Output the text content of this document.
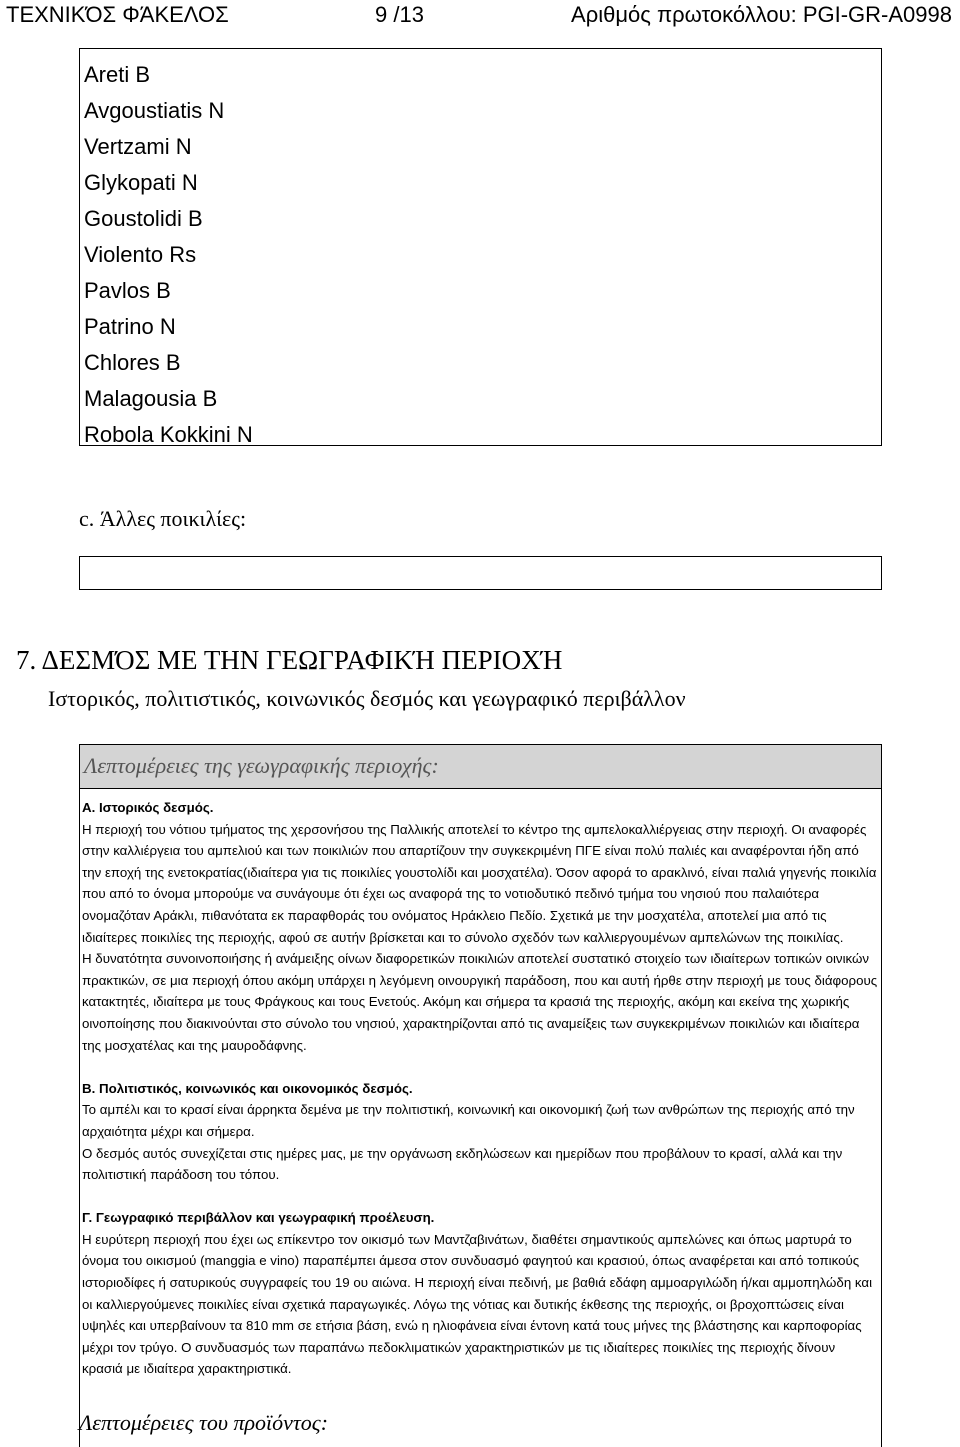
ΤΕΧΝΙΚΌΣ ΦΆΚΕΛΟΣ	9 /13	Αριθμός πρωτοκόλλου: PGI-GR-A0998
Areti B
Avgoustiatis N
Vertzami N
Glykopati N
Goustolidi B
Violento Rs
Pavlos B
Patrino N
Chlores B
Malagousia B
Robola Kokkini N
c. Άλλες ποικιλίες:
7. ΔΕΣΜΌΣ ΜΕ ΤΗΝ ΓΕΩΓΡΑΦΙΚΉ ΠΕΡΙΟΧΉ
Ιστορικός, πολιτιστικός, κοινωνικός δεσμός και γεωγραφικό περιβάλλον
Λεπτομέρειες της γεωγραφικής περιοχής:

Α. Ιστορικός δεσμός.

Η περιοχή του νότιου τμήματος της χερσονήσου της Παλλικής αποτελεί το κέντρο της αμπελοκαλλιέργειας στην περιοχή. Οι αναφορές στην καλλιέργεια του αμπελιού και των ποικιλιών που απαρτίζουν την συγκεκριμένη ΠΓΕ είναι πολύ παλιές και αναφέρονται ήδη από την εποχή της ενετοκρατίας(ιδιαίτερα για τις ποικιλίες γουστολίδι και μοσχατέλα). Όσον αφορά το αρακλινό, είναι παλιά γηγενής ποικιλία που από το όνομα μπορούμε να συνάγουμε ότι έχει ως αναφορά της το νοτιοδυτικό πεδινό τμήμα του νησιού που παλαιότερα ονομαζόταν Αράκλι, πιθανότατα εκ παραφθοράς του ονόματος Ηράκλειο Πεδίο. Σχετικά με την μοσχατέλα, αποτελεί μια από τις ιδιαίτερες ποικιλίες της περιοχής, αφού σε αυτήν βρίσκεται και το σύνολο σχεδόν των καλλιεργουμένων αμπελώνων της ποικιλίας.

Η δυνατότητα συνοινοποιήσης ή ανάμειξης οίνων διαφορετικών ποικιλιών αποτελεί συστατικό στοιχείο των ιδιαίτερων τοπικών οινικών πρακτικών, σε μια περιοχή όπου ακόμη υπάρχει η λεγόμενη οινουργική παράδοση, που και αυτή ήρθε στην περιοχή με τους διάφορους κατακτητές, ιδιαίτερα με τους Φράγκους και τους Ενετούς. Ακόμη και σήμερα τα κρασιά της περιοχής, ακόμη και εκείνα της χωρικής οινοποίησης που διακινούνται στο σύνολο του νησιού, χαρακτηρίζονται από τις αναμείξεις των συγκεκριμένων ποικιλιών και ιδιαίτερα της μοσχατέλας και της μαυροδάφνης.

Β. Πολιτιστικός, κοινωνικός και οικονομικός δεσμός.

Το αμπέλι και το κρασί είναι άρρηκτα δεμένα με την πολιτιστική, κοινωνική και οικονομική ζωή των ανθρώπων της περιοχής από την αρχαιότητα μέχρι και σήμερα.

Ο δεσμός αυτός συνεχίζεται στις ημέρες μας, με την οργάνωση εκδηλώσεων και ημερίδων που προβάλουν το κρασί, αλλά και την πολιτιστική παράδοση του τόπου.

Γ. Γεωγραφικό περιβάλλον και γεωγραφική προέλευση.

Η ευρύτερη περιοχή που έχει ως επίκεντρο τον οικισμό των Μαντζαβινάτων, διαθέτει σημαντικούς αμπελώνες και όπως μαρτυρά το όνομα του οικισμού (manggia e vino) παραπέμπει άμεσα στον συνδυασμό φαγητού και κρασιού, όπως αναφέρεται και από τοπικούς ιστοριοδίφες ή σατυρικούς συγγραφείς του 19 ου αιώνα. Η περιοχή είναι πεδινή, με βαθιά εδάφη αμμοαργιλώδη ή/και αμμοπηλώδη και οι καλλιεργούμενες ποικιλίες είναι σχετικά παραγωγικές. Λόγω της νότιας και δυτικής έκθεσης της περιοχής, οι βροχοπτώσεις είναι υψηλές και υπερβαίνουν τα 810 mm σε ετήσια βάση, ενώ η ηλιοφάνεια είναι έντονη κατά τους μήνες της βλάστησης και καρποφορίας μέχρι τον τρύγο. Ο συνδυασμός των παραπάνω πεδοκλιματικών χαρακτηριστικών με τις ιδιαίτερες ποικιλίες της περιοχής δίνουν κρασιά με ιδιαίτερα χαρακτηριστικά.

Λεπτομέρειες του προϊόντος:
